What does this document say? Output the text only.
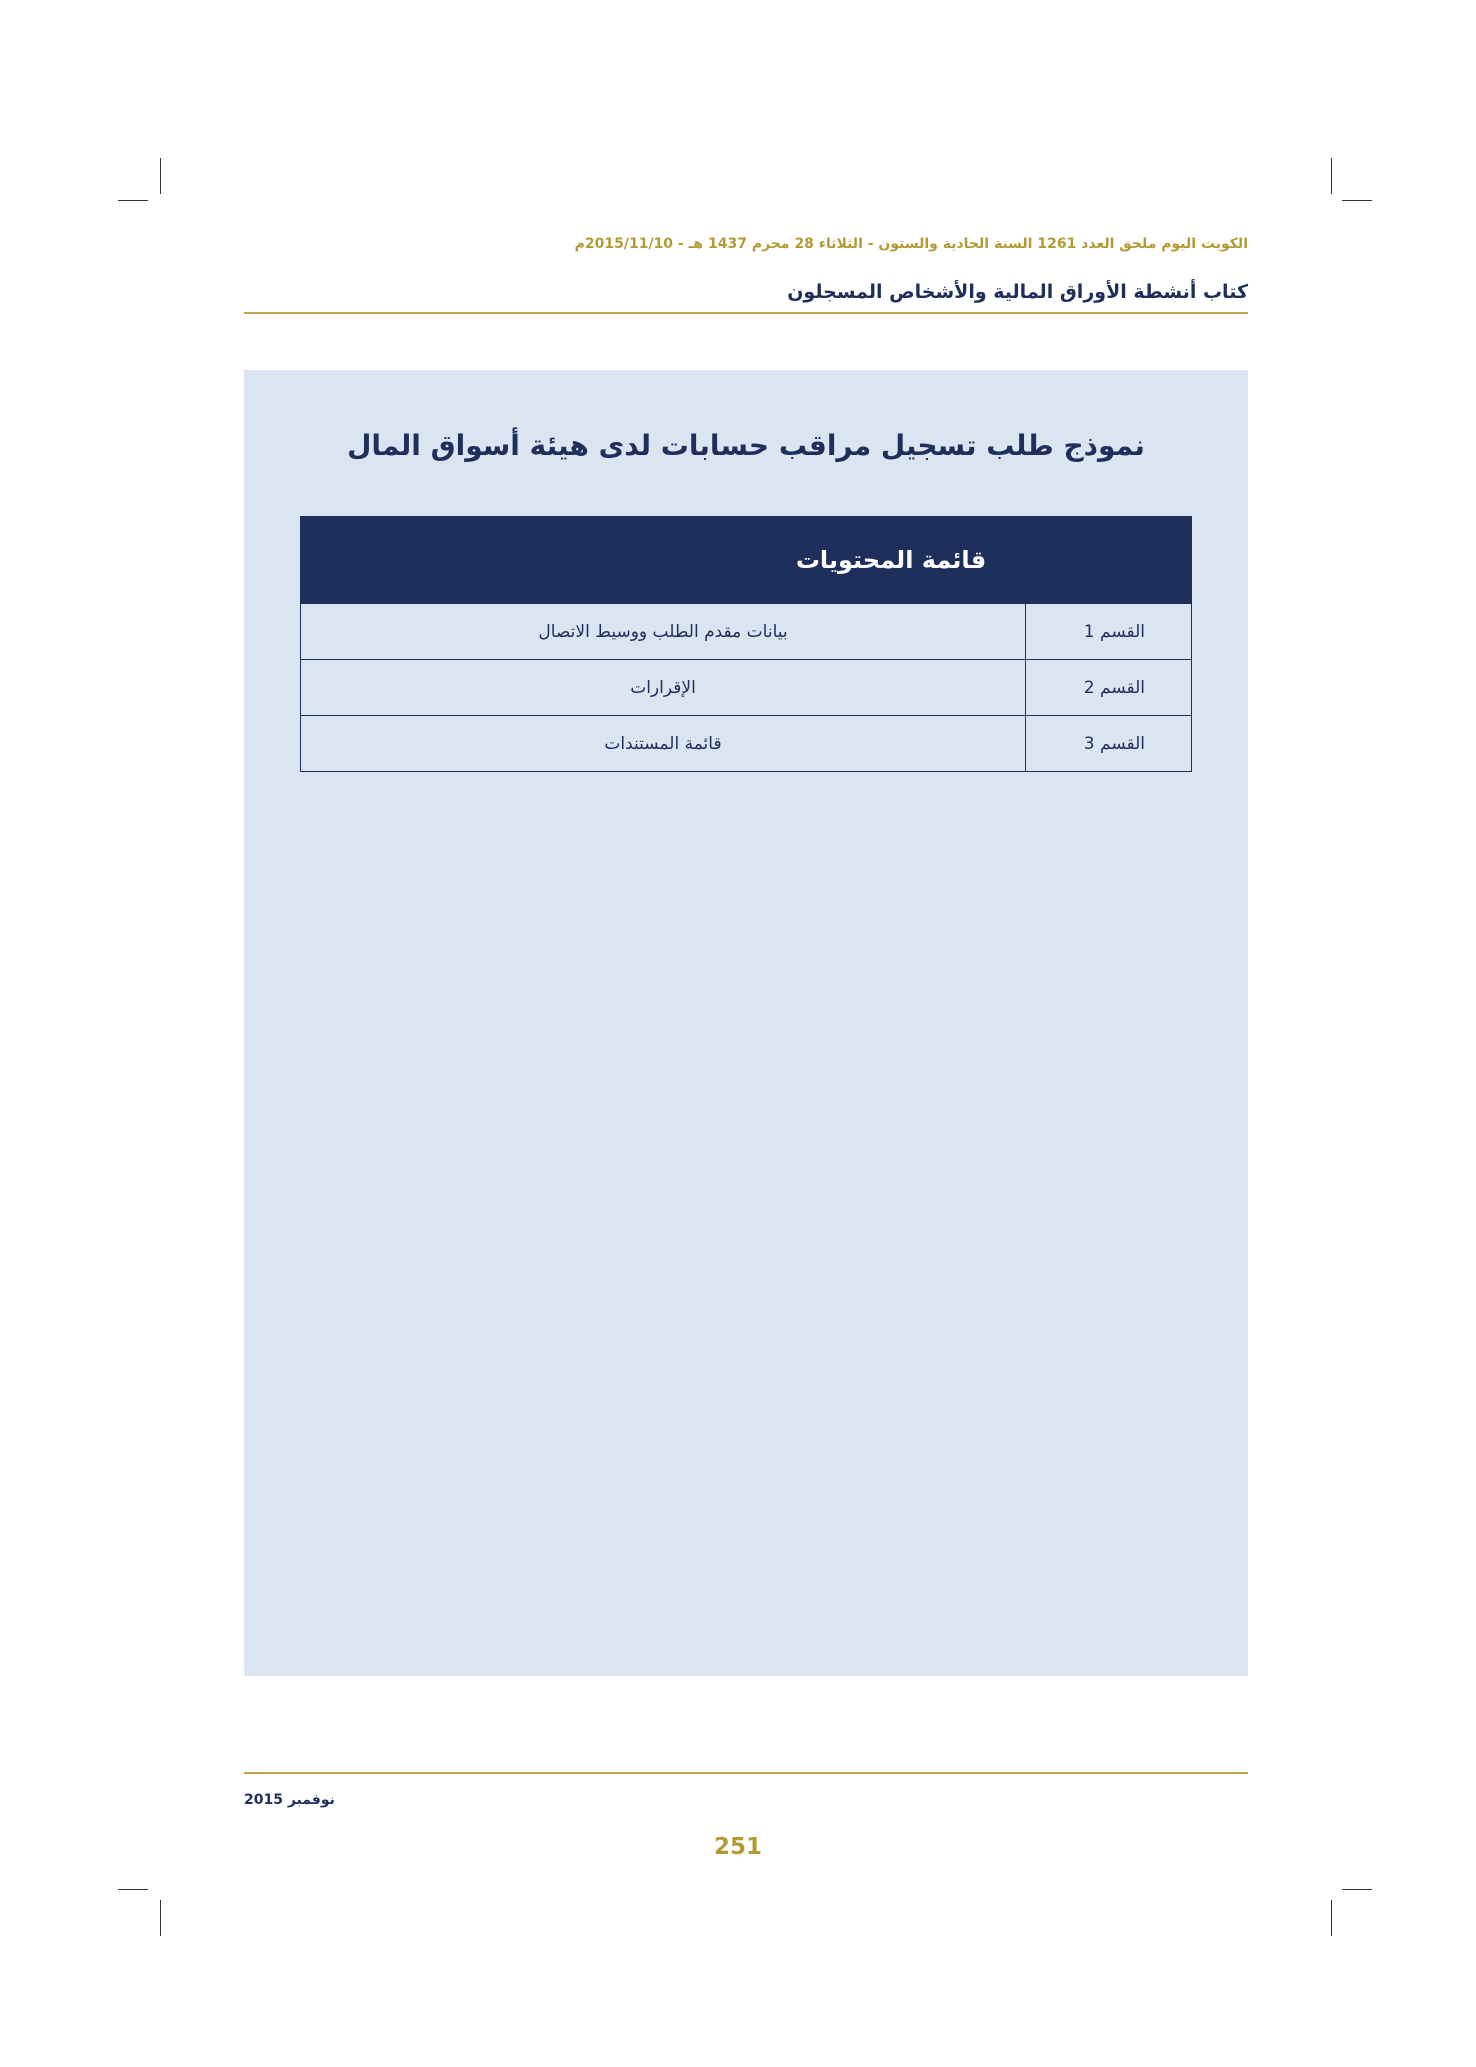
الكويت اليوم ملحق العدد 1261 السنة الحادية والستون - الثلاثاء 28 محرم 1437 هـ - 2015/11/10م
كتاب أنشطة الأوراق المالية والأشخاص المسجلون
نموذج طلب تسجيل مراقب حسابات لدى هيئة أسواق المال
قائمة المحتويات	
القسم 1	بيانات مقدم الطلب ووسيط الاتصال
القسم 2	الإقرارات
القسم 3	قائمة المستندات
نوفمبر 2015
251
